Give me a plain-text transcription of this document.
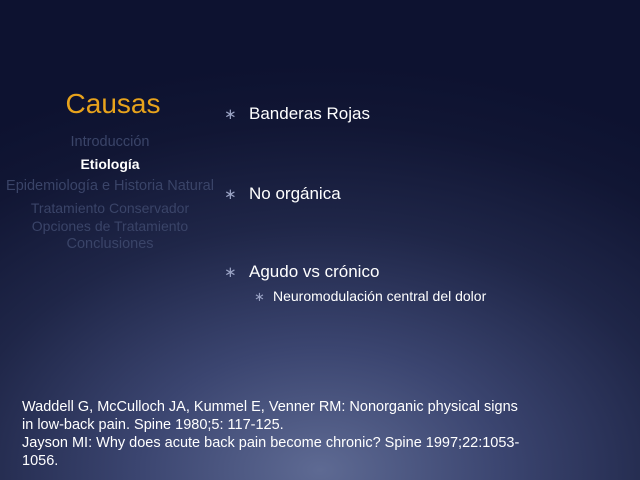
Causas
Introducción
Etiología
Epidemiología e Historia Natural
Tratamiento Conservador
Opciones de Tratamiento
Conclusiones
∗ Banderas Rojas
∗ No orgánica
∗ Agudo vs crónico
∗ Neuromodulación central del dolor
Waddell G, McCulloch JA, Kummel E, Venner RM: Nonorganic physical signs
in low-back pain. Spine 1980;5: 117-125.
Jayson MI: Why does acute back pain become chronic? Spine 1997;22:1053-
1056.
